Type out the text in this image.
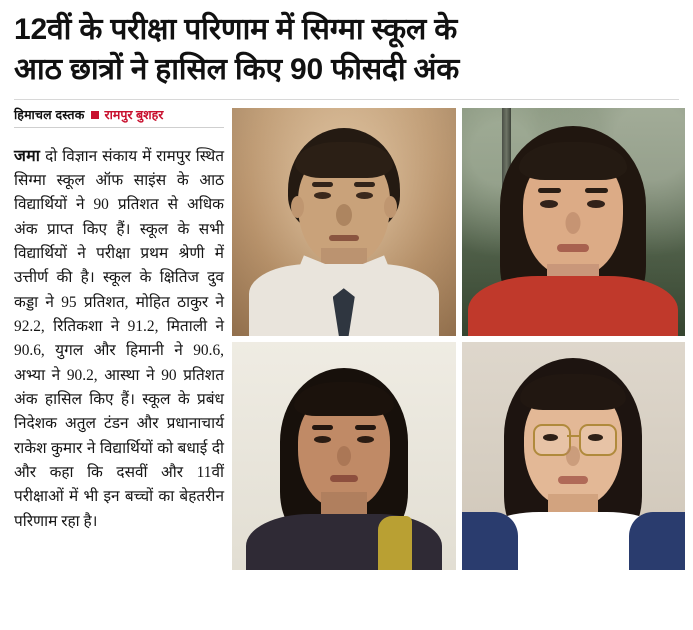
12वीं के परीक्षा परिणाम में सिग्मा स्कूल के
आठ छात्रों ने हासिल किए 90 फीसदी अंक
हिमाचल दस्तक रामपुर बुशहर

जमा दो विज्ञान संकाय में रामपुर स्थित सिग्मा स्कूल ऑफ साइंस के आठ विद्यार्थियों ने 90 प्रतिशत से अधिक अंक प्राप्त किए हैं। स्कूल के सभी विद्यार्थियों ने परीक्षा प्रथम श्रेणी में उत्तीर्ण की है। स्कूल के क्षितिज दुव कड्डा ने 95 प्रतिशत, मोहित ठाकुर ने 92.2, रितिकशा ने 91.2, मिताली ने 90.6, युगल और हिमानी ने 90.6, अभ्या ने 90.2, आस्था ने 90 प्रतिशत अंक हासिल किए हैं। स्कूल के प्रबंध निदेशक अतुल टंडन और प्रधानाचार्य राकेश कुमार ने विद्यार्थियों को बधाई दी और कहा कि दसवीं और 11वीं परीक्षाओं में भी इन बच्चों का बेहतरीन परिणाम रहा है।
